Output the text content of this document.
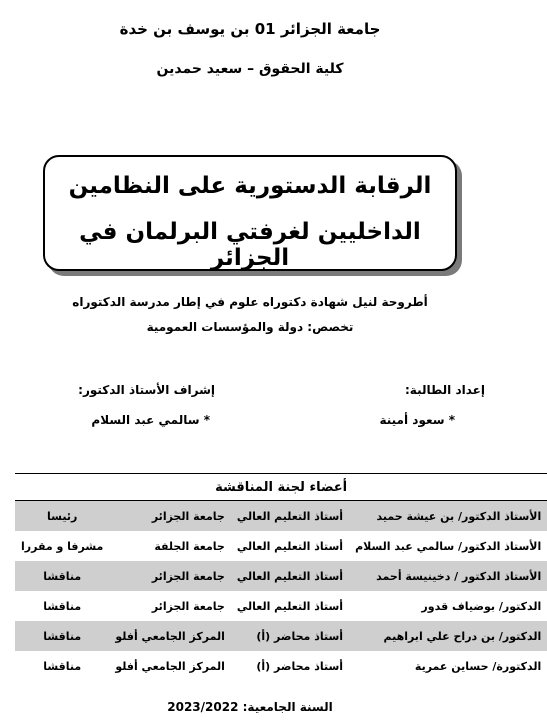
جامعة الجزائر 01 بن يوسف بن خدة
كلية الحقوق – سعيد حمدين
الرقابة الدستورية على النظامين
الداخليين لغرفتي البرلمان في الجزائر
أطروحة لنيل شهادة دكتوراه علوم في إطار مدرسة الدكتوراه
تخصص: دولة والمؤسسات العمومية
إعداد الطالبة:
* سعود أمينة
إشراف الأستاذ الدكتور:
* سالمي عبد السلام
أعضاء لجنة المناقشة			
الأستاذ الدكتور/ بن عيشة حميد	أستاذ التعليم العالي	جامعة الجزائر	رئيسا
الأستاذ الدكتور/ سالمي عبد السلام	أستاذ التعليم العالي	جامعة الجلفة	مشرفا و مقررا
الأستاذ الدكتور / دخينيسة أحمد	أستاذ التعليم العالي	جامعة الجزائر	مناقشا
الدكتور/ بوضياف قدور	أستاذ التعليم العالي	جامعة الجزائر	مناقشا
الدكتور/ بن دراح علي ابراهيم	أستاذ محاضر (أ)	المركز الجامعي أفلو	مناقشا
الدكتورة/ حساين عمرية	أستاذ محاضر (أ)	المركز الجامعي أفلو	مناقشا
السنة الجامعية: 2023/2022
